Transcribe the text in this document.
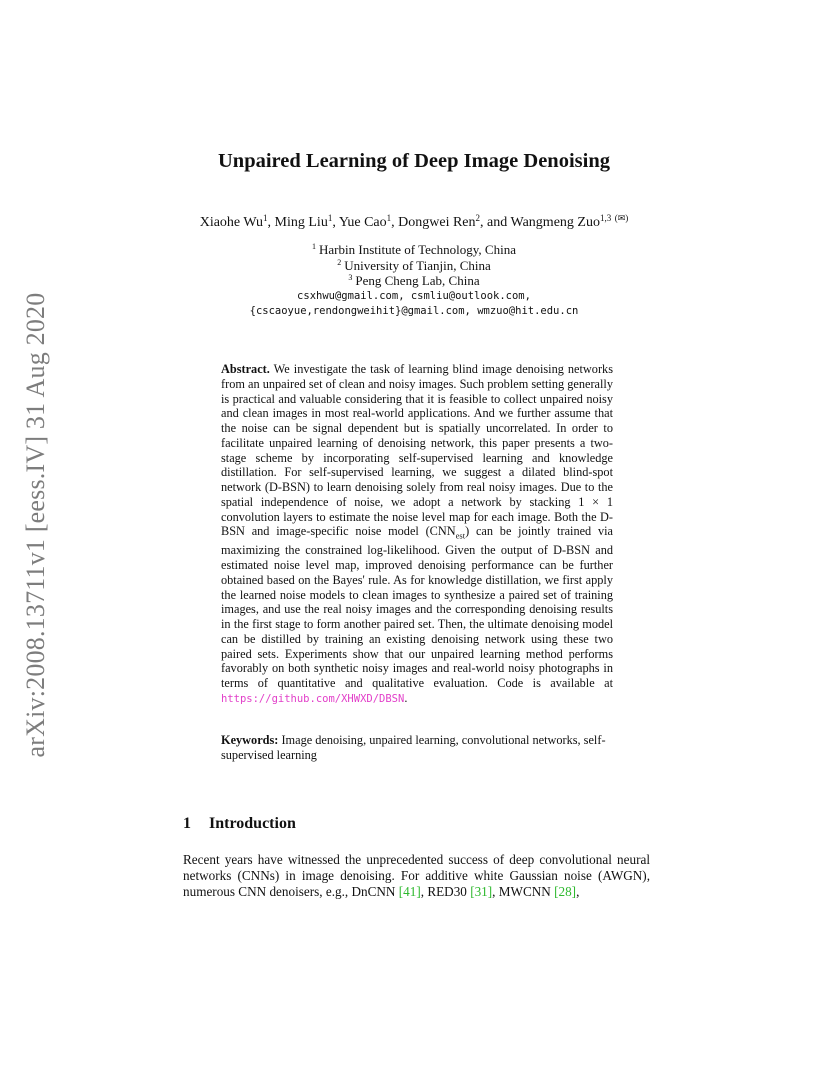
arXiv:2008.13711v1 [eess.IV] 31 Aug 2020
Unpaired Learning of Deep Image Denoising
Xiaohe Wu$^1$, Ming Liu$^1$, Yue Cao$^1$, Dongwei Ren$^2$, and Wangmeng Zuo$^{1,3}$ (✉)
$^1$ Harbin Institute of Technology, China
$^2$ University of Tianjin, China
$^3$ Peng Cheng Lab, China
csxhwu@gmail.com, csmliu@outlook.com,
{cscaoyue,rendongweihit}@gmail.com, wmzuo@hit.edu.cn
Abstract. We investigate the task of learning blind image denoising networks from an unpaired set of clean and noisy images. Such problem setting generally is practical and valuable considering that it is feasible to collect unpaired noisy and clean images in most real-world applications. And we further assume that the noise can be signal dependent but is spatially uncorrelated. In order to facilitate unpaired learning of denoising network, this paper presents a two-stage scheme by incorporating self-supervised learning and knowledge distillation. For self-supervised learning, we suggest a dilated blind-spot network (D-BSN) to learn denoising solely from real noisy images. Due to the spatial independence of noise, we adopt a network by stacking 1 × 1 convolution layers to estimate the noise level map for each image. Both the D-BSN and image-specific noise model $(CNN_{est})$ can be jointly trained via maximizing the constrained log-likelihood. Given the output of D-BSN and estimated noise level map, improved denoising performance can be further obtained based on the Bayes' rule. As for knowledge distillation, we first apply the learned noise models to clean images to synthesize a paired set of training images, and use the real noisy images and the corresponding denoising results in the first stage to form another paired set. Then, the ultimate denoising model can be distilled by training an existing denoising network using these two paired sets. Experiments show that our unpaired learning method performs favorably on both synthetic noisy images and real-world noisy photographs in terms of quantitative and qualitative evaluation. Code is available at https://github.com/XHWXD/DBSN.
Keywords: Image denoising, unpaired learning, convolutional networks, self-supervised learning
1 Introduction
Recent years have witnessed the unprecedented success of deep convolutional neural networks (CNNs) in image denoising. For additive white Gaussian noise (AWGN), numerous CNN denoisers, e.g., DnCNN [41], RED30 [31], MWCNN [28],
